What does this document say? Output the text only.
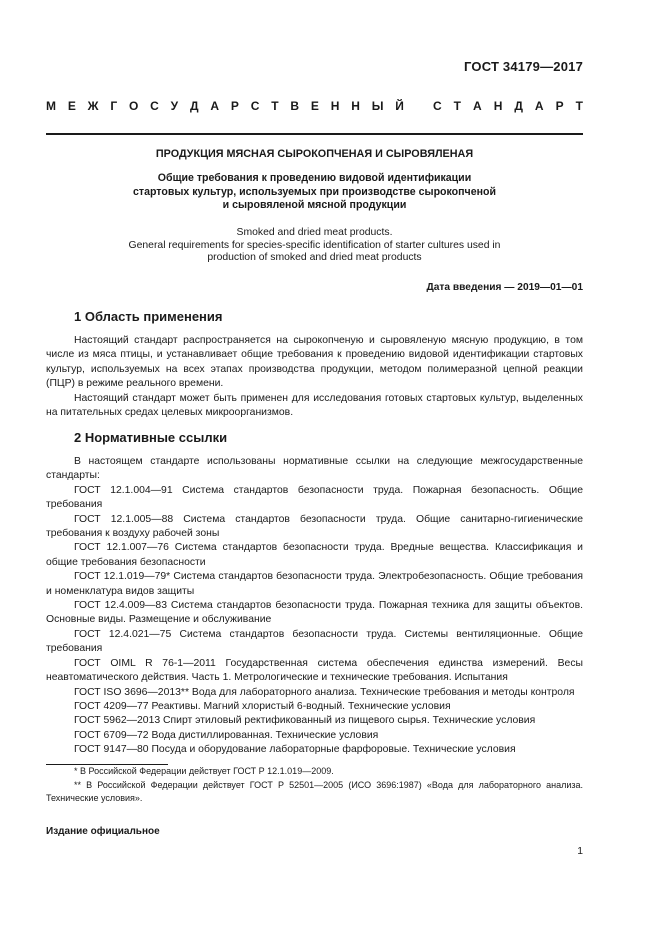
ГОСТ 34179—2017
М Е Ж Г О С У Д А Р С Т В Е Н Н Ы Й С Т А Н Д А Р Т
ПРОДУКЦИЯ МЯСНАЯ СЫРОКОПЧЕНАЯ И СЫРОВЯЛЕНАЯ
Общие требования к проведению видовой идентификации
стартовых культур, используемых при производстве сырокопченой
и сыровяленой мясной продукции
Smoked and dried meat products.
General requirements for species-specific identification of starter cultures used in
production of smoked and dried meat products
Дата введения — 2019—01—01
1 Область применения

Настоящий стандарт распространяется на сырокопченую и сыровяленую мясную продукцию, в том числе из мяса птицы, и устанавливает общие требования к проведению видовой идентификации стартовых культур, используемых на всех этапах производства продукции, методом полимеразной цепной реакции (ПЦР) в режиме реального времени.

Настоящий стандарт может быть применен для исследования готовых стартовых культур, выделенных на питательных средах целевых микроорганизмов.

2 Нормативные ссылки

В настоящем стандарте использованы нормативные ссылки на следующие межгосударственные стандарты:

ГОСТ 12.1.004—91 Система стандартов безопасности труда. Пожарная безопасность. Общие требования

ГОСТ 12.1.005—88 Система стандартов безопасности труда. Общие санитарно-гигиенические требования к воздуху рабочей зоны

ГОСТ 12.1.007—76 Система стандартов безопасности труда. Вредные вещества. Классификация и общие требования безопасности

ГОСТ 12.1.019—79* Система стандартов безопасности труда. Электробезопасность. Общие требования и номенклатура видов защиты

ГОСТ 12.4.009—83 Система стандартов безопасности труда. Пожарная техника для защиты объектов. Основные виды. Размещение и обслуживание

ГОСТ 12.4.021—75 Система стандартов безопасности труда. Системы вентиляционные. Общие требования

ГОСТ OIML R 76-1—2011 Государственная система обеспечения единства измерений. Весы неавтоматического действия. Часть 1. Метрологические и технические требования. Испытания

ГОСТ ISO 3696—2013** Вода для лабораторного анализа. Технические требования и методы контроля

ГОСТ 4209—77 Реактивы. Магний хлористый 6-водный. Технические условия

ГОСТ 5962—2013 Спирт этиловый ректификованный из пищевого сырья. Технические условия

ГОСТ 6709—72 Вода дистиллированная. Технические условия

ГОСТ 9147—80 Посуда и оборудование лабораторные фарфоровые. Технические условия

* В Российской Федерации действует ГОСТ Р 12.1.019—2009.

** В Российской Федерации действует ГОСТ Р 52501—2005 (ИСО 3696:1987) «Вода для лабораторного анализа. Технические условия».

Издание официальное
1
